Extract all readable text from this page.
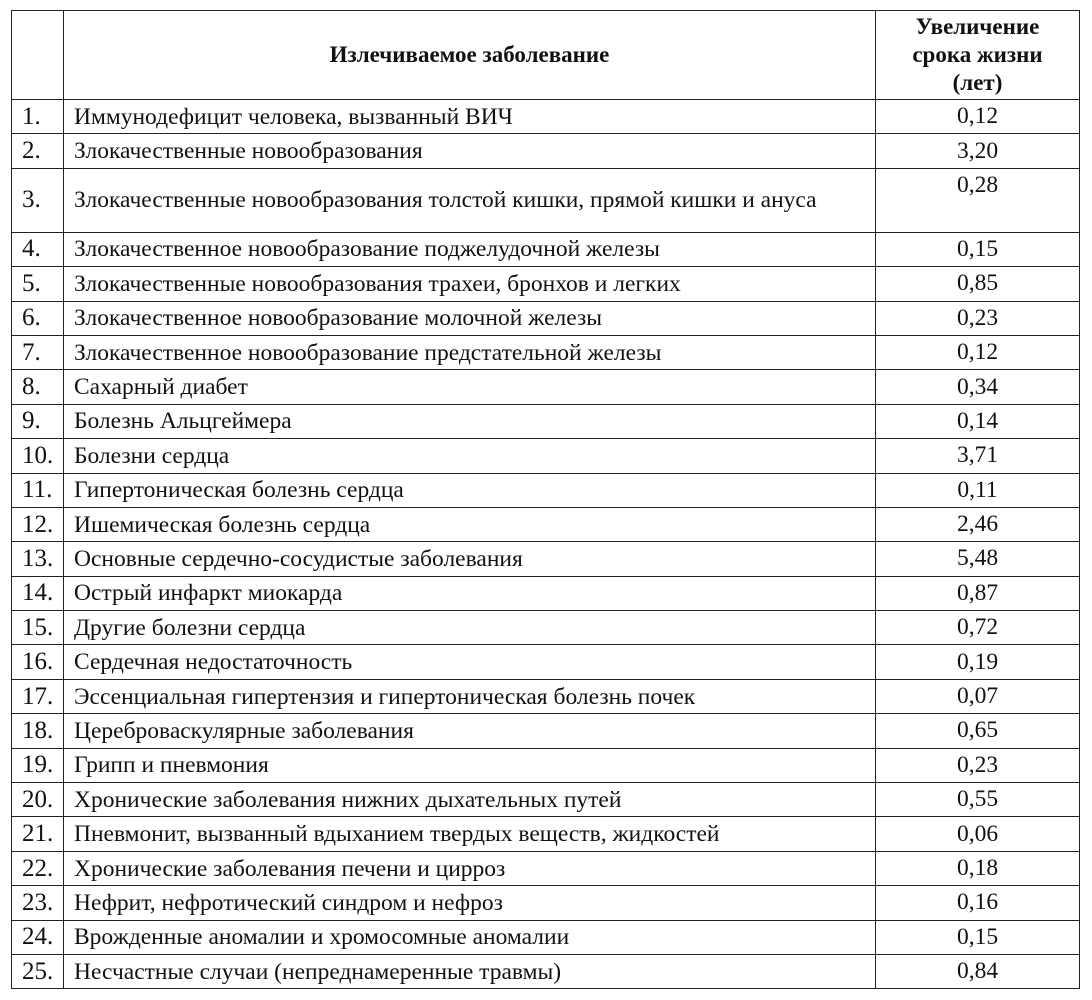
	Излечиваемое заболевание	Увеличение
срока жизни
(лет)

1.	Иммунодефицит человека, вызванный ВИЧ	0,12
2.	Злокачественные новообразования	3,20
3.	Злокачественные новообразования толстой кишки, прямой кишки и ануса	0,28
4.	Злокачественное новообразование поджелудочной железы	0,15
5.	Злокачественные новообразования трахеи, бронхов и легких	0,85
6.	Злокачественное новообразование молочной железы	0,23
7.	Злокачественное новообразование предстательной железы	0,12
8.	Сахарный диабет	0,34
9.	Болезнь Альцгеймера	0,14
10.	Болезни сердца	3,71
11.	Гипертоническая болезнь сердца	0,11
12.	Ишемическая болезнь сердца	2,46
13.	Основные сердечно-сосудистые заболевания	5,48
14.	Острый инфаркт миокарда	0,87
15.	Другие болезни сердца	0,72
16.	Сердечная недостаточность	0,19
17.	Эссенциальная гипертензия и гипертоническая болезнь почек	0,07
18.	Цереброваскулярные заболевания	0,65
19.	Грипп и пневмония	0,23
20.	Хронические заболевания нижних дыхательных путей	0,55
21.	Пневмонит, вызванный вдыханием твердых веществ, жидкостей	0,06
22.	Хронические заболевания печени и цирроз	0,18
23.	Нефрит, нефротический синдром и нефроз	0,16
24.	Врожденные аномалии и хромосомные аномалии	0,15
25.	Несчастные случаи (непреднамеренные травмы)	0,84
